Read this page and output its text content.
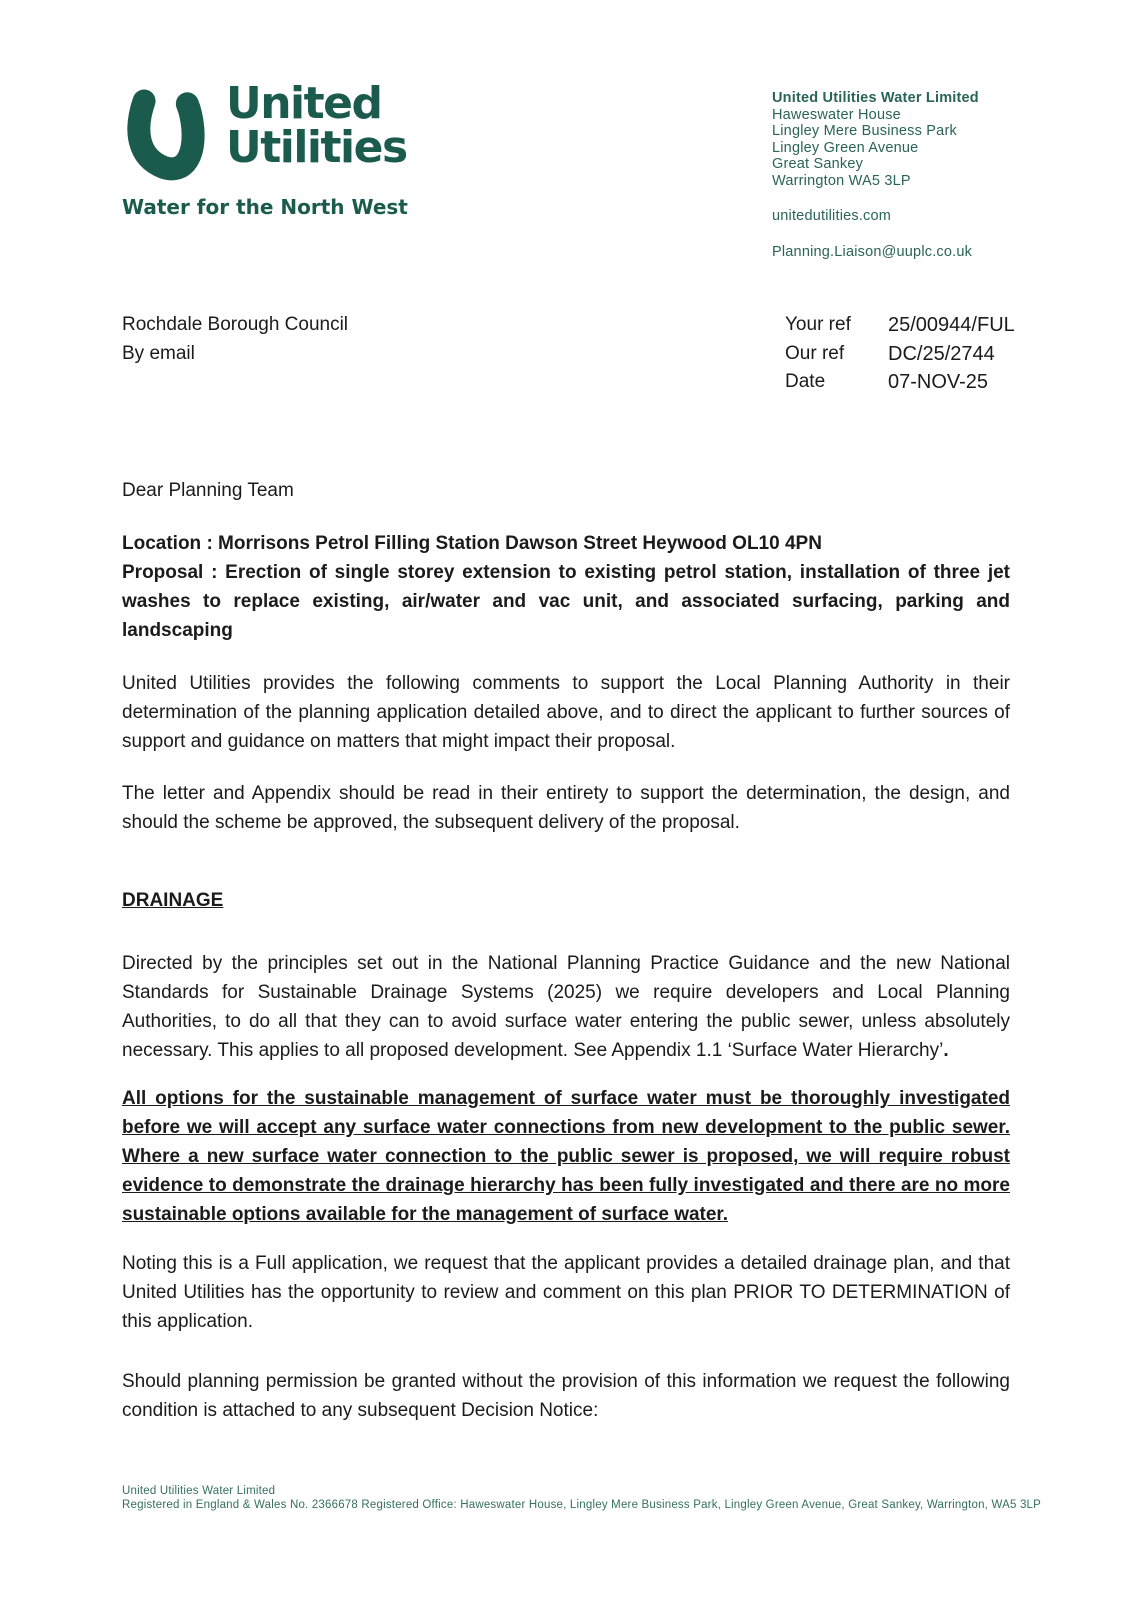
United
Utilities
Water for the North West
United Utilities Water Limited
Haweswater House
Lingley Mere Business Park
Lingley Green Avenue
Great Sankey
Warrington WA5 3LP
unitedutilities.com
Planning.Liaison@uuplc.co.uk
Rochdale Borough Council
By email
Your ref	25/00944/FUL
Our ref	DC/25/2744
Date	07-NOV-25

Dear Planning Team

Location : Morrisons Petrol Filling Station Dawson Street Heywood OL10 4PN

Proposal : Erection of single storey extension to existing petrol station, installation of three jet washes to replace existing, air/water and vac unit, and associated surfacing, parking and landscaping

United Utilities provides the following comments to support the Local Planning Authority in their determination of the planning application detailed above, and to direct the applicant to further sources of support and guidance on matters that might impact their proposal.

The letter and Appendix should be read in their entirety to support the determination, the design, and should the scheme be approved, the subsequent delivery of the proposal.

DRAINAGE

Directed by the principles set out in the National Planning Practice Guidance and the new National Standards for Sustainable Drainage Systems (2025) we require developers and Local Planning Authorities, to do all that they can to avoid surface water entering the public sewer, unless absolutely necessary. This applies to all proposed development. See Appendix 1.1 ‘Surface Water Hierarchy’.

All options for the sustainable management of surface water must be thoroughly investigated before we will accept any surface water connections from new development to the public sewer. Where a new surface water connection to the public sewer is proposed, we will require robust evidence to demonstrate the drainage hierarchy has been fully investigated and there are no more sustainable options available for the management of surface water.

Noting this is a Full application, we request that the applicant provides a detailed drainage plan, and that United Utilities has the opportunity to review and comment on this plan PRIOR TO DETERMINATION of this application.

Should planning permission be granted without the provision of this information we request the following condition is attached to any subsequent Decision Notice:

United Utilities Water Limited
Registered in England & Wales No. 2366678 Registered Office: Haweswater House, Lingley Mere Business Park, Lingley Green Avenue, Great Sankey, Warrington, WA5 3LP
